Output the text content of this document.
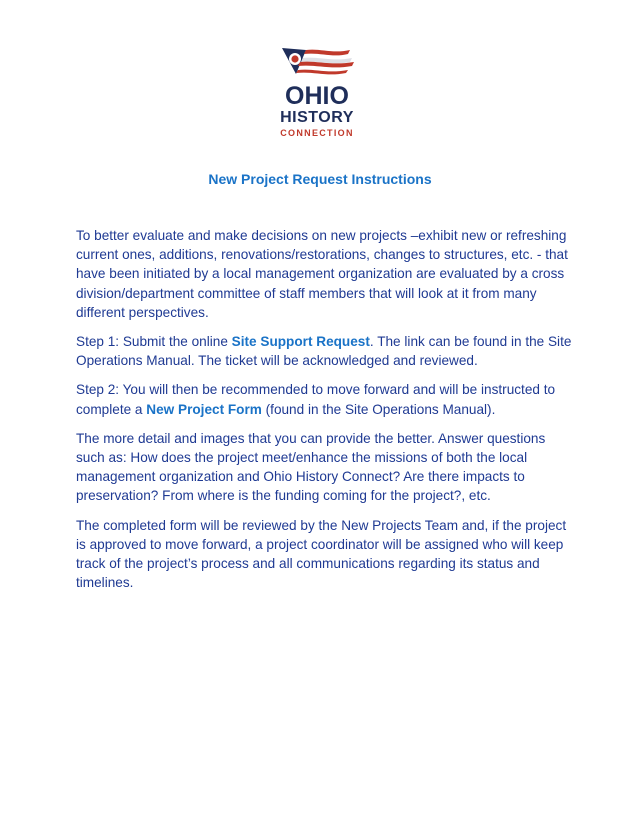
OHIO
HISTORY
CONNECTION
New Project Request Instructions

To better evaluate and make decisions on new projects –exhibit new or refreshing current ones, additions, renovations/restorations, changes to structures, etc. - that have been initiated by a local management organization are evaluated by a cross division/department committee of staff members that will look at it from many different perspectives.

Step 1: Submit the online Site Support Request. The link can be found in the Site Operations Manual. The ticket will be acknowledged and reviewed.

Step 2: You will then be recommended to move forward and will be instructed to complete a New Project Form (found in the Site Operations Manual).

The more detail and images that you can provide the better. Answer questions such as: How does the project meet/enhance the missions of both the local management organization and Ohio History Connect? Are there impacts to preservation? From where is the funding coming for the project?, etc.

The completed form will be reviewed by the New Projects Team and, if the project is approved to move forward, a project coordinator will be assigned who will keep track of the project’s process and all communications regarding its status and timelines.
